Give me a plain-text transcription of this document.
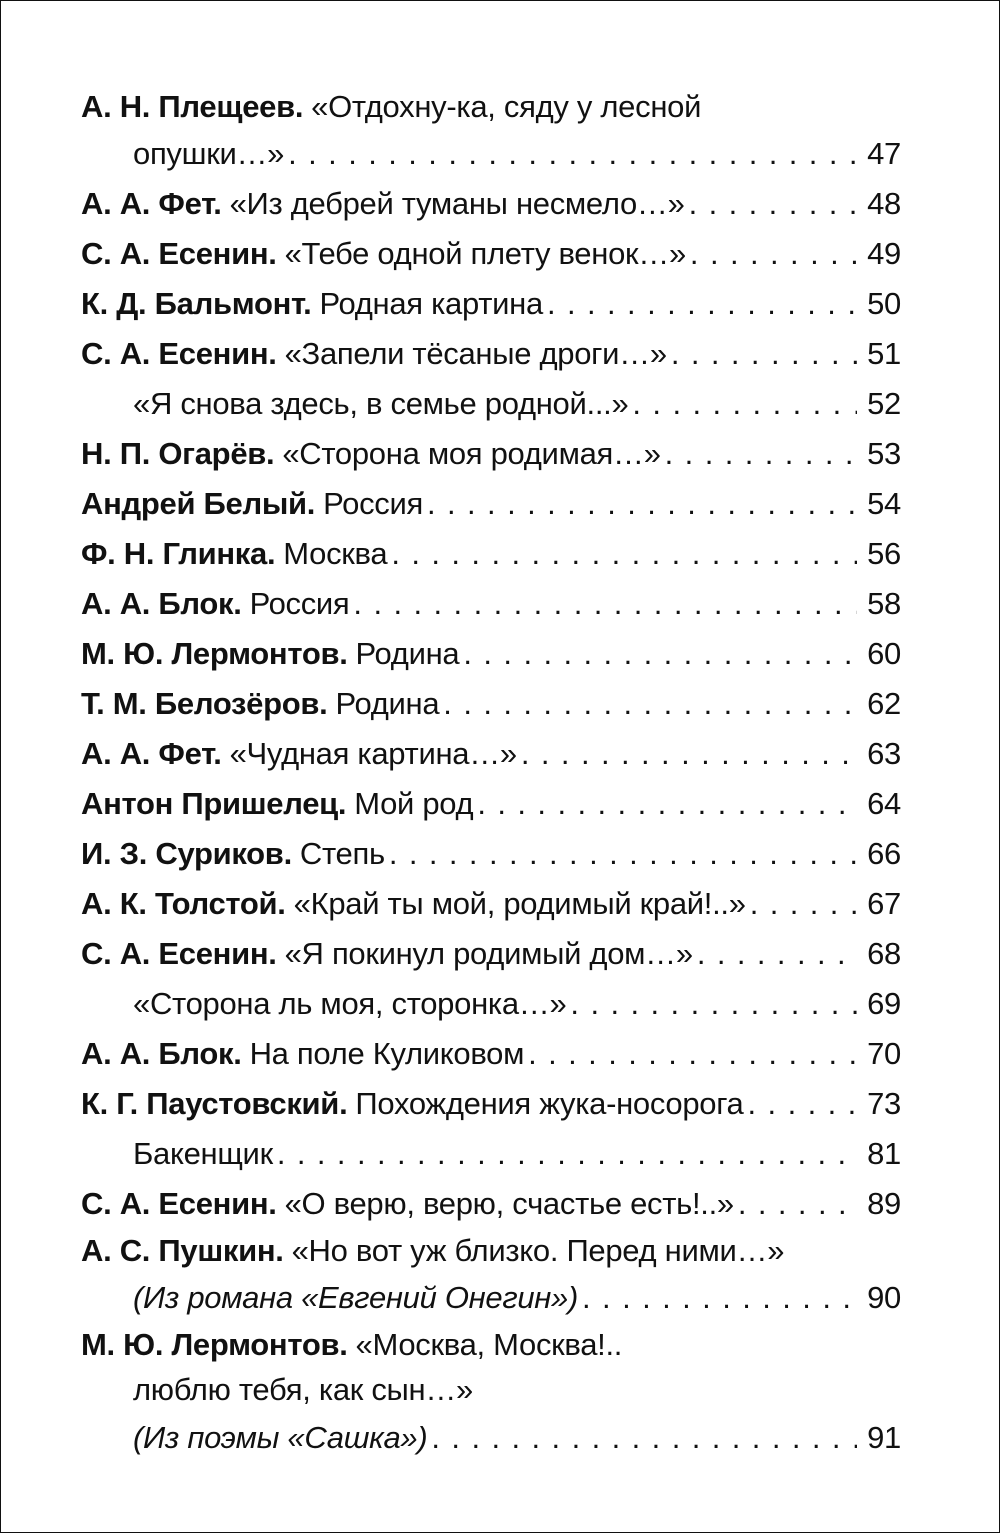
А. Н. Плещеев. «Отдохну-ка, сяду у лесной
опушки…» . . .	47
А. А. Фет. «Из дебрей туманы несмело…» . . .	48
С. А. Есенин. «Тебе одной плету венок…» . . .	49
К. Д. Бальмонт. Родная картина . . .	50
С. А. Есенин. «Запели тёсаные дроги…» . . .	51
«Я снова здесь, в семье родной...» . . .	52
Н. П. Огарёв. «Сторона моя родимая…» . . .	53
Андрей Белый. Россия . . .	54
Ф. Н. Глинка. Москва . . .	56
А. А. Блок. Россия . . .	58
М. Ю. Лермонтов. Родина . . .	60
Т. М. Белозёров. Родина . . .	62
А. А. Фет. «Чудная картина…» . . .	63
Антон Пришелец. Мой род . . .	64
И. З. Суриков. Степь . . .	66
А. К. Толстой. «Край ты мой, родимый край!..» . . .	67
С. А. Есенин. «Я покинул родимый дом…» . . .	68
«Сторона ль моя, сторонка…» . . .	69
А. А. Блок. На поле Куликовом . . .	70
К. Г. Паустовский. Похождения жука-носорога . . .	73
Бакенщик . . .	81
С. А. Есенин. «О верю, верю, счастье есть!..» . . .	89
А. С. Пушкин. «Но вот уж близко. Перед ними…»
(Из романа «Евгений Онегин») . . .	90
М. Ю. Лермонтов. «Москва, Москва!..
люблю тебя, как сын…»
(Из поэмы «Сашка») . . .	91
